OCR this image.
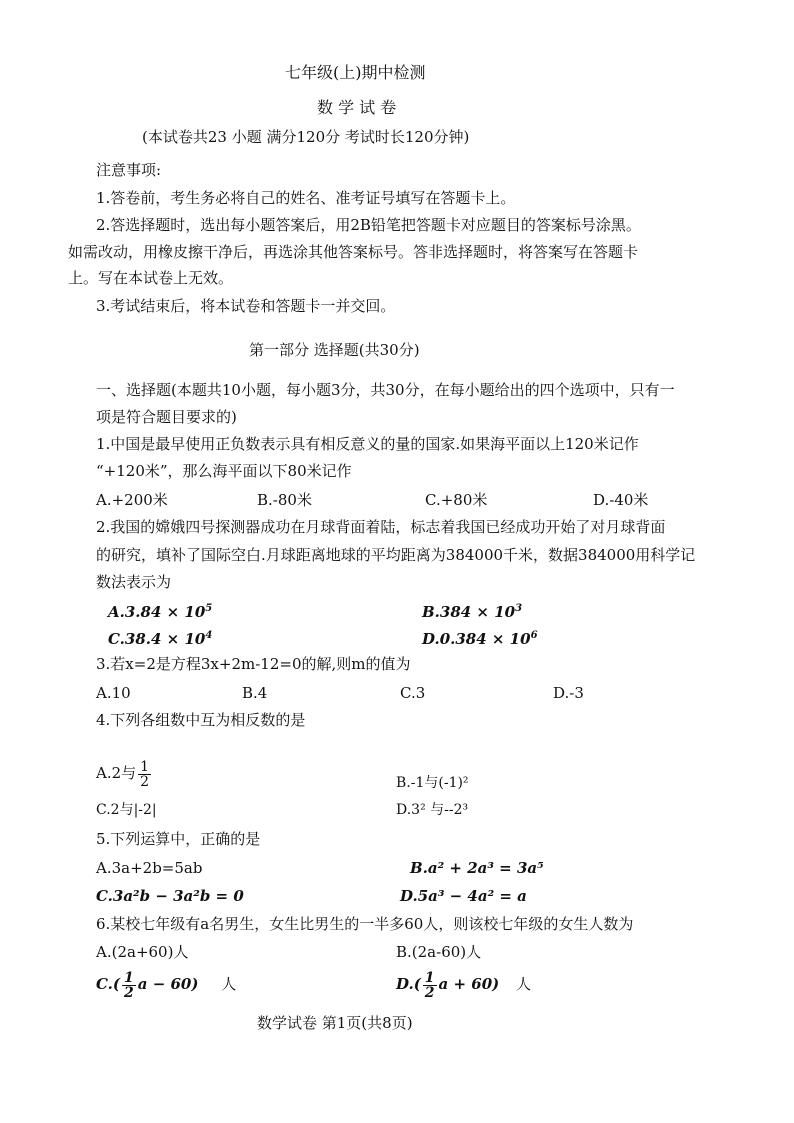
七年级(上)期中检测
数 学 试 卷
(本试卷共23 小题 满分120分 考试时长120分钟)
注意事项:
1.答卷前，考生务必将自己的姓名、准考证号填写在答题卡上。
2.答选择题时，选出每小题答案后，用2B铅笔把答题卡对应题目的答案标号涂黑。
如需改动，用橡皮擦干净后，再选涂其他答案标号。答非选择题时，将答案写在答题卡
上。写在本试卷上无效。
3.考试结束后，将本试卷和答题卡一并交回。
第一部分 选择题(共30分)
一、选择题(本题共10小题，每小题3分，共30分，在每小题给出的四个选项中，只有一
项是符合题目要求的)
1.中国是最早使用正负数表示具有相反意义的量的国家.如果海平面以上120米记作
“+120米”，那么海平面以下80米记作
A.+200米	B.-80米	C.+80米	D.-40米
2.我国的嫦娥四号探测器成功在月球背面着陆，标志着我国已经成功开始了对月球背面
的研究，填补了国际空白.月球距离地球的平均距离为384000千米，数据384000用科学记
数法表示为
$A.3.84 \times 10^5$	$B.384 \times 10^3$
$C.38.4 \times 10^4$	$D.0.384 \times 10^6$
3.若x=2是方程3x+2m-12=0的解,则m的值为
A.10	B.4	C.3	D.-3
4.下列各组数中互为相反数的是
A.2与 $\frac{1}{2}$	B.-1与(-1)²
C.2与|-2|	D.3² 与--2³
5.下列运算中，正确的是
A.3a+2b=5ab	B.a² + 2a³ = 3a⁵
C.3a²b − 3a²b = 0	D.5a³ − 4a² = a
6.某校七年级有a名男生，女生比男生的一半多60人，则该校七年级的女生人数为
A.(2a+60)人	B.(2a-60)人
$C.( \frac{1}{2}$ a − 60) 人	$D.( \frac{1}{2}$ a + 60) 人
数学试卷 第1页(共8页)
